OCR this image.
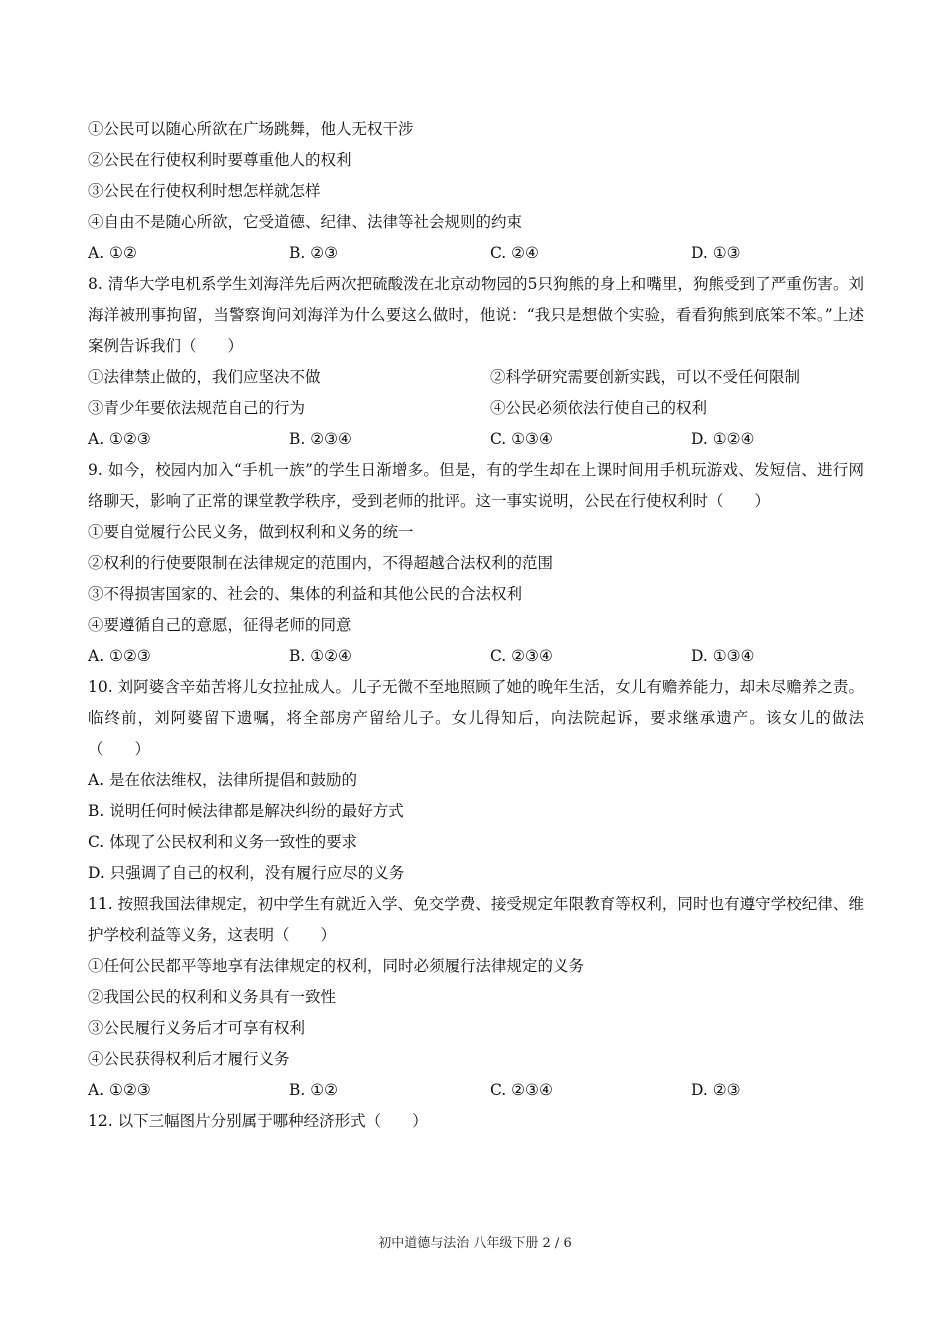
①公民可以随心所欲在广场跳舞，他人无权干涉
②公民在行使权利时要尊重他人的权利
③公民在行使权利时想怎样就怎样
④自由不是随心所欲，它受道德、纪律、法律等社会规则的约束
A. ①②	B. ②③	C. ②④	D. ①③
8. 清华大学电机系学生刘海洋先后两次把硫酸泼在北京动物园的5只狗熊的身上和嘴里，狗熊受到了严重伤害。刘海洋被刑事拘留，当警察询问刘海洋为什么要这么做时，他说：“我只是想做个实验，看看狗熊到底笨不笨。”上述案例告诉我们（　　）
①法律禁止做的，我们应坚决不做	②科学研究需要创新实践，可以不受任何限制
③青少年要依法规范自己的行为	④公民必须依法行使自己的权利
A. ①②③	B. ②③④	C. ①③④	D. ①②④
9. 如今，校园内加入“手机一族”的学生日渐增多。但是，有的学生却在上课时间用手机玩游戏、发短信、进行网络聊天，影响了正常的课堂教学秩序，受到老师的批评。这一事实说明，公民在行使权利时（　　）
①要自觉履行公民义务，做到权利和义务的统一
②权利的行使要限制在法律规定的范围内，不得超越合法权利的范围
③不得损害国家的、社会的、集体的利益和其他公民的合法权利
④要遵循自己的意愿，征得老师的同意
A. ①②③	B. ①②④	C. ②③④	D. ①③④
10. 刘阿婆含辛茹苦将儿女拉扯成人。儿子无微不至地照顾了她的晚年生活，女儿有赡养能力，却未尽赡养之责。临终前，刘阿婆留下遗嘱，将全部房产留给儿子。女儿得知后，向法院起诉，要求继承遗产。该女儿的做法（　　）
A. 是在依法维权，法律所提倡和鼓励的
B. 说明任何时候法律都是解决纠纷的最好方式
C. 体现了公民权利和义务一致性的要求
D. 只强调了自己的权利，没有履行应尽的义务
11. 按照我国法律规定，初中学生有就近入学、免交学费、接受规定年限教育等权利，同时也有遵守学校纪律、维护学校利益等义务，这表明（　　）
①任何公民都平等地享有法律规定的权利，同时必须履行法律规定的义务
②我国公民的权利和义务具有一致性
③公民履行义务后才可享有权利
④公民获得权利后才履行义务
A. ①②③	B. ①②	C. ②③④	D. ②③
12. 以下三幅图片分别属于哪种经济形式（　　）
初中道德与法治 八年级下册 2 / 6
